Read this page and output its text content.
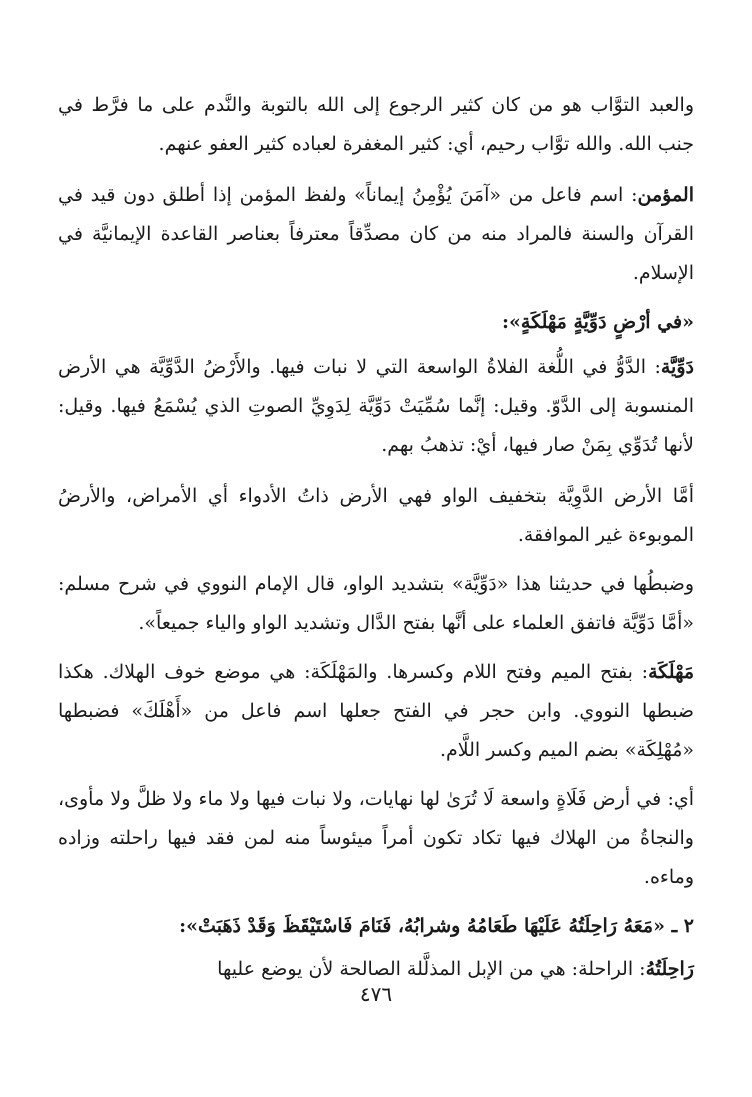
والعبد التوَّاب هو من كان كثير الرجوع إلى الله بالتوبة والنَّدم على ما فرَّط في جنب الله. والله توَّاب رحيم، أي: كثير المغفرة لعباده كثير العفو عنهم.

المؤمن: اسم فاعل من «آمَنَ يُؤْمِنُ إيماناً» ولفظ المؤمن إذا أطلق دون قيد في القرآن والسنة فالمراد منه من كان مصدِّقاً معترفاً بعناصر القاعدة الإيمانيَّة في الإسلام.

«في أرْضٍ دَوِّيَّةٍ مَهْلَكَةٍ»:

دَوِّيَّة: الدَّوُّ في اللُّغة الفلاةُ الواسعة التي لا نبات فيها. والأَرْضُ الدَّوِّيَّة هي الأرض المنسوبة إلى الدَّوّ. وقيل: إنَّما سُمِّيَتْ دَوِّيَّة لِدَوِيِّ الصوتِ الذي يُسْمَعُ فيها. وقيل: لأنها تُدَوِّي بِمَنْ صار فيها، أيْ: تذهبُ بهم.

أمَّا الأرض الدَّوِيَّة بتخفيف الواو فهي الأرض ذاتُ الأدواء أي الأمراض، والأرضُ الموبوءة غير الموافقة.

وضبطُها في حديثنا هذا «دَوِّيَّة» بتشديد الواو، قال الإمام النووي في شرح مسلم: «أمَّا دَوِّيَّة فاتفق العلماء على أنَّها بفتح الدَّال وتشديد الواو والياء جميعاً».

مَهْلَكَة: بفتح الميم وفتح اللام وكسرها. والمَهْلَكَة: هي موضع خوف الهلاك. هكذا ضبطها النووي. وابن حجر في الفتح جعلها اسم فاعل من «أَهْلَكَ» فضبطها «مُهْلِكَة» بضم الميم وكسر اللَّام.

أي: في أرض فَلَاةٍ واسعة لَا تُرَىٰ لها نهايات، ولا نبات فيها ولا ماء ولا ظلَّ ولا مأوى، والنجاةُ من الهلاك فيها تكاد تكون أمراً ميئوساً منه لمن فقد فيها راحلته وزاده وماءه.

٢ ـ «مَعَهُ رَاحِلَتُهُ عَلَيْهَا طَعَامُهُ وشرابُهُ، فَنَامَ فَاسْتَيْقَظَ وَقَدْ ذَهَبَتْ»:

رَاحِلَتُهُ: الراحلة: هي من الإبل المذلَّلة الصالحة لأن يوضع عليها

٤٧٦
